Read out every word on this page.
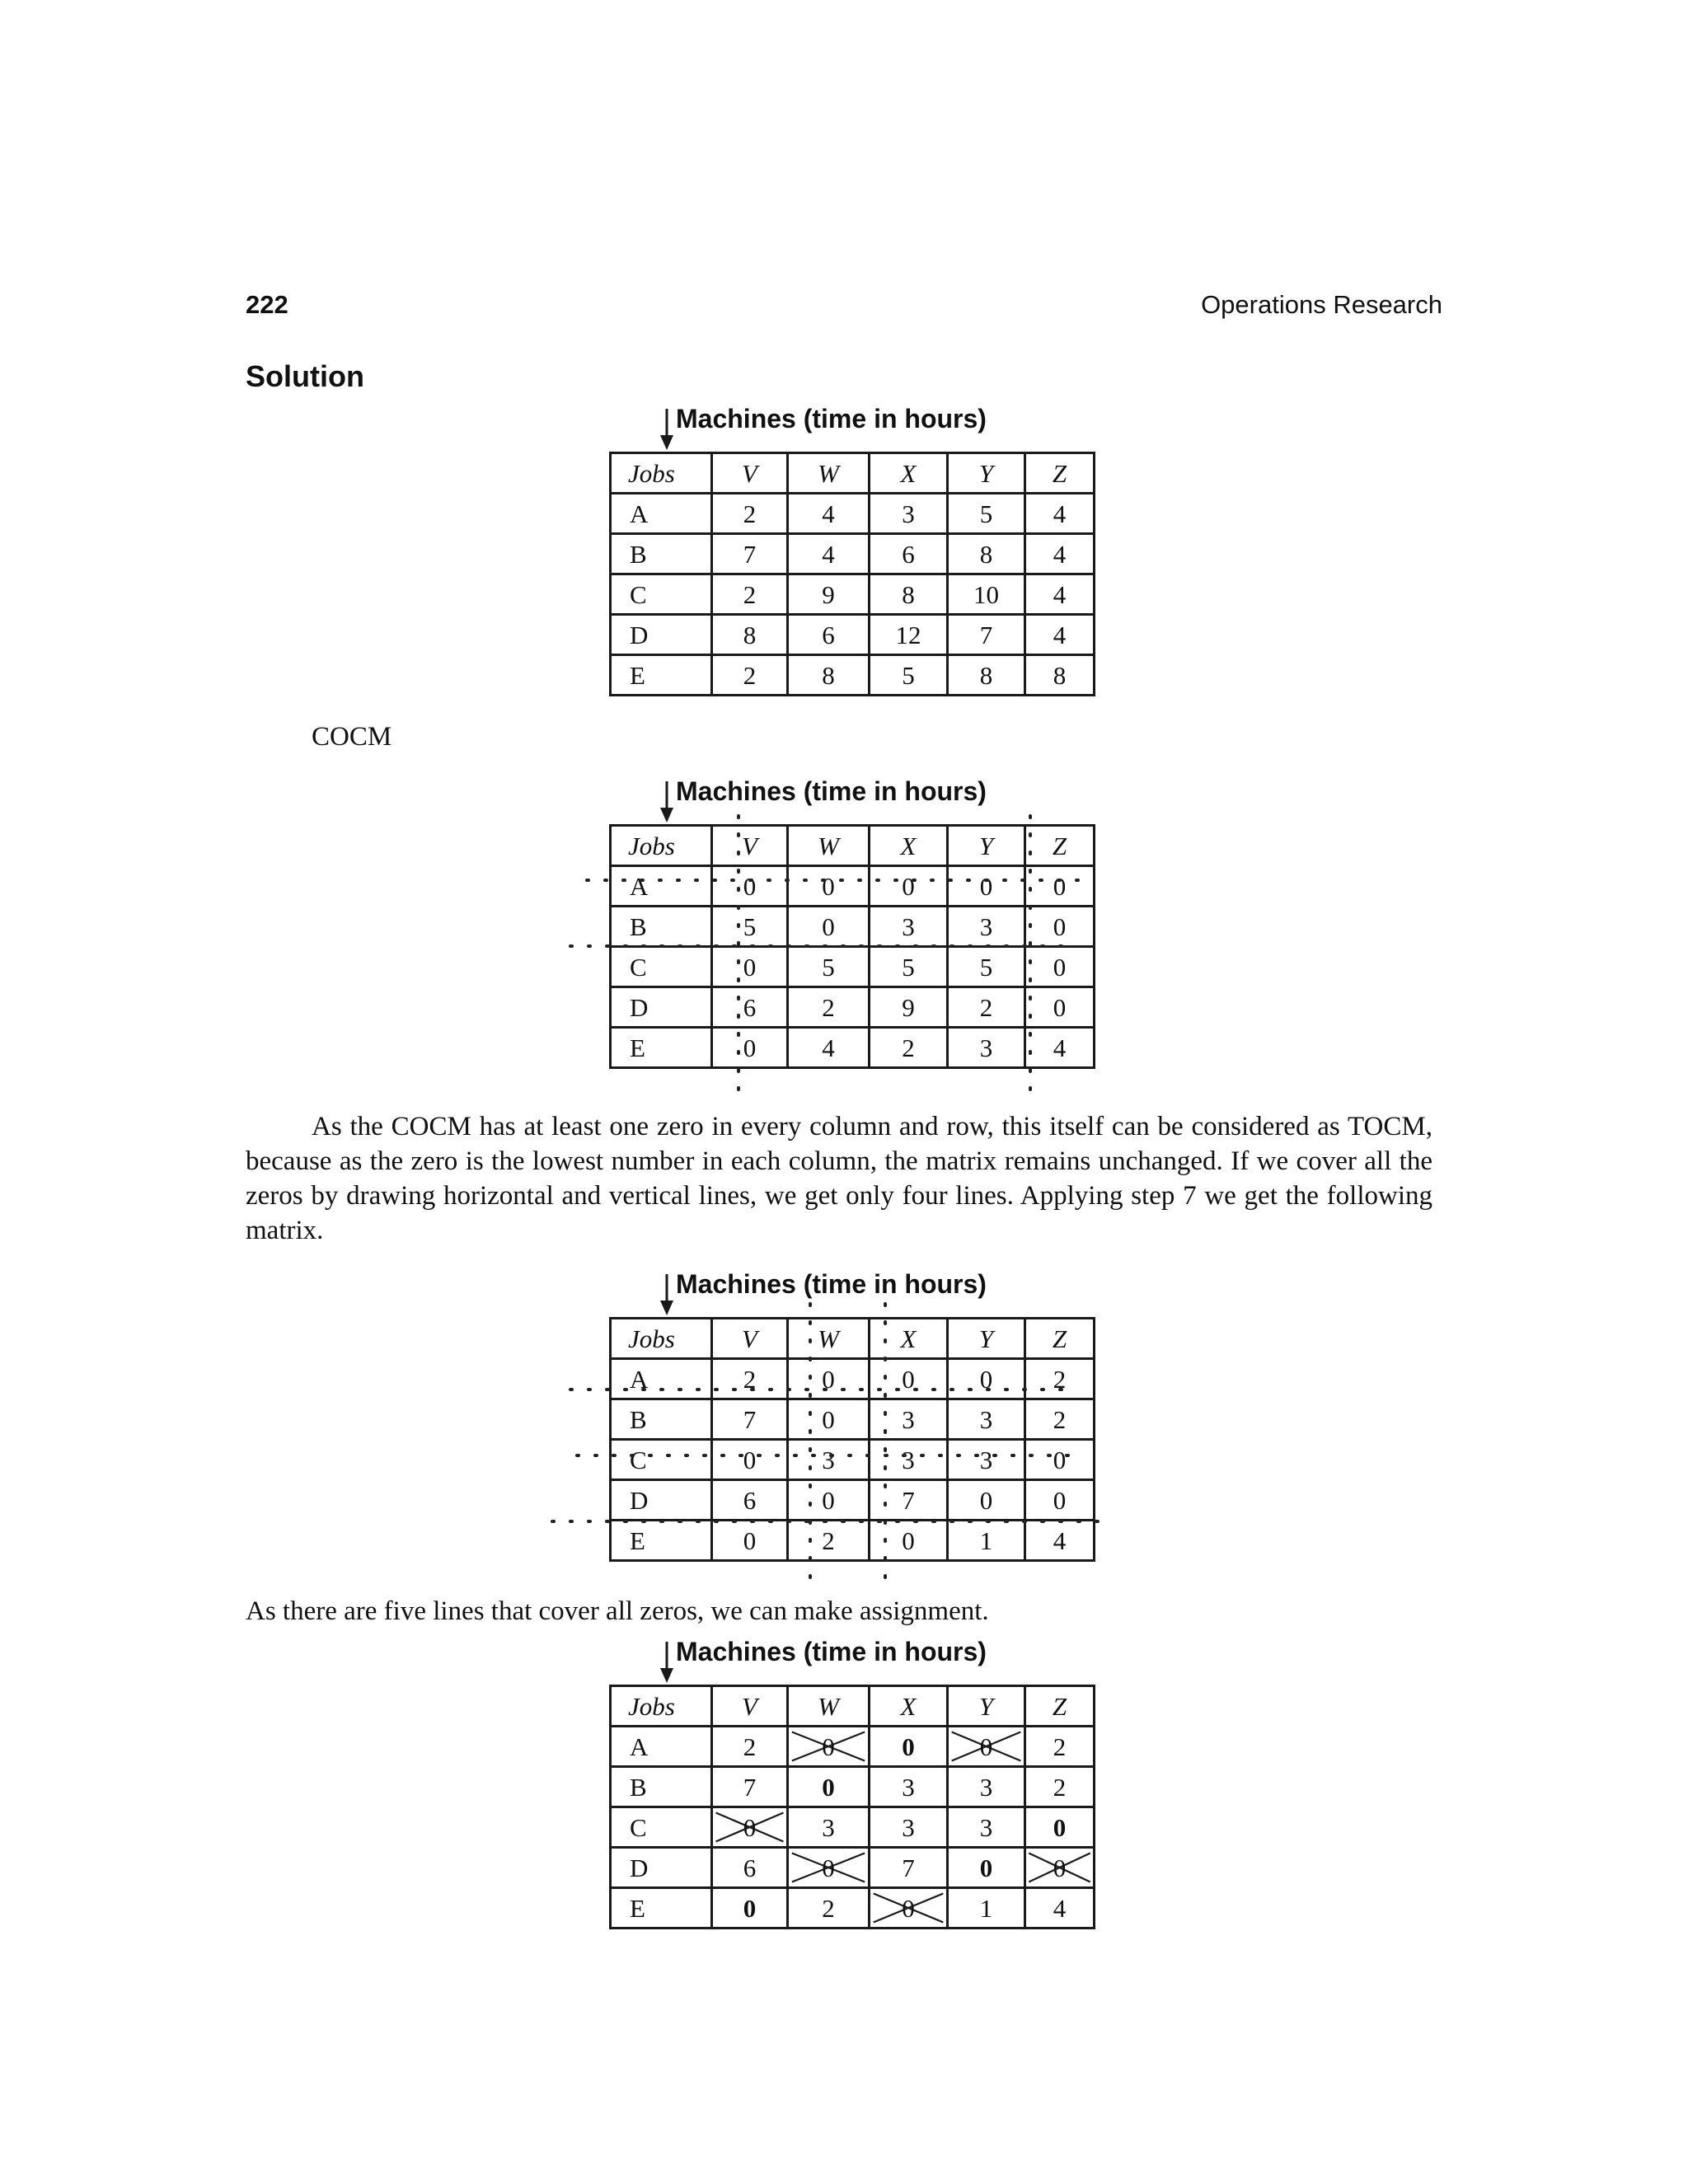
222	Operations Research
Solution
Machines (time in hours)
Jobs	V	W	X	Y	Z
A	2	4	3	5	4
B	7	4	6	8	4
C	2	9	8	10	4
D	8	6	12	7	4
E	2	8	5	8	8
COCM
Machines (time in hours)
Jobs	V	W	X	Y	Z
A	0	0	0	0	0
B	5	0	3	3	0
C	0	5	5	5	0
D	6	2	9	2	0
E	0	4	2	3	4

As the COCM has at least one zero in every column and row, this itself can be considered as TOCM, because as the zero is the lowest number in each column, the matrix remains unchanged. If we cover all the zeros by drawing horizontal and vertical lines, we get only four lines. Applying step 7 we get the following matrix.

Machines (time in hours)
Jobs	V	W	X	Y	Z
A	2	0	0	0	2
B	7	0	3	3	2
C	0	3	3	3	0
D	6	0	7	0	0
E	0	2	0	1	4

As there are five lines that cover all zeros, we can make assignment.

Machines (time in hours)
Jobs	V	W	X	Y	Z
A	2	0	0	0	2
B	7	0	3	3	2
C	0	3	3	3	0
D	6	0	7	0	0

E	0	2	0	1	4
